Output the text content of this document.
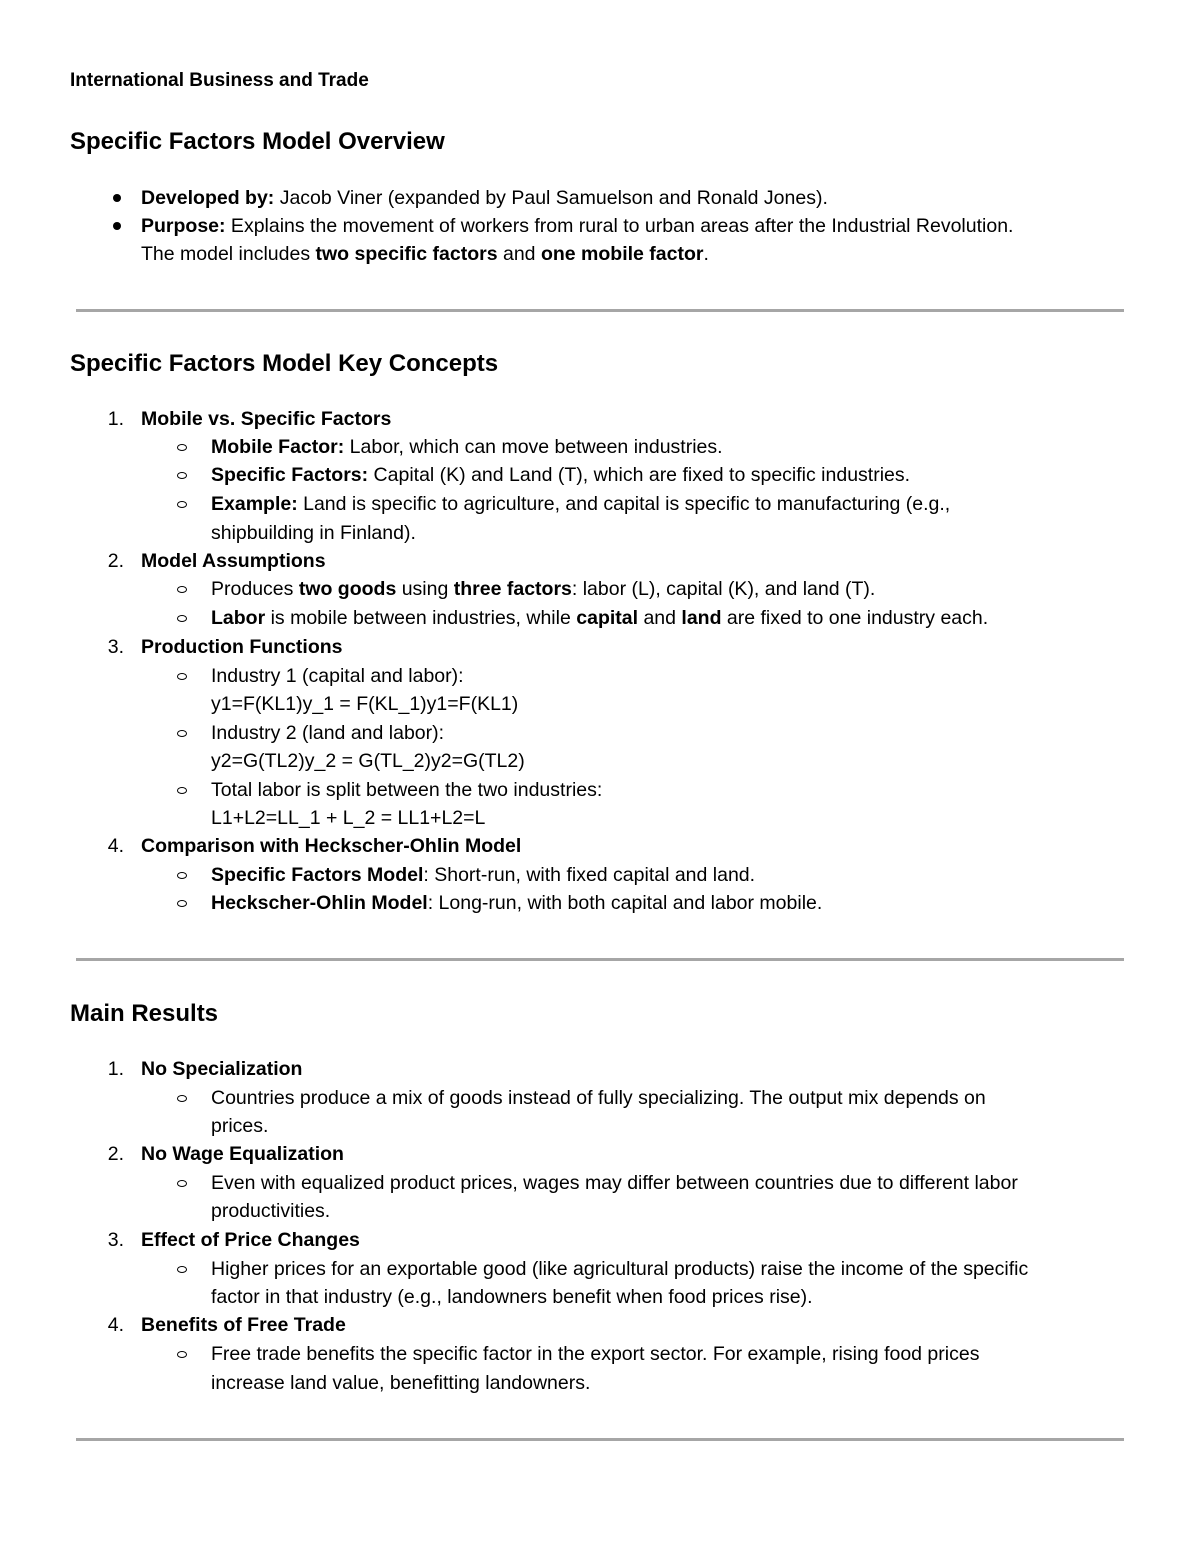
International Business and Trade
Specific Factors Model Overview

Developed by: Jacob Viner (expanded by Paul Samuelson and Ronald Jones).

Purpose: Explains the movement of workers from rural to urban areas after the Industrial Revolution.

The model includes two specific factors and one mobile factor.

Specific Factors Model Key Concepts
1. Mobile vs. Specific Factors

Mobile Factor: Labor, which can move between industries.

Specific Factors: Capital (K) and Land (T), which are fixed to specific industries.

Example: Land is specific to agriculture, and capital is specific to manufacturing (e.g.,

shipbuilding in Finland).

2. Model Assumptions

Produces two goods using three factors: labor (L), capital (K), and land (T).

Labor is mobile between industries, while capital and land are fixed to one industry each.

3. Production Functions

Industry 1 (capital and labor):

y1=F(KL1)y_1 = F(KL_1)y1=F(KL1)

Industry 2 (land and labor):

y2=G(TL2)y_2 = G(TL_2)y2=G(TL2)

Total labor is split between the two industries:

L1+L2=LL_1 + L_2 = LL1+L2=L

4. Comparison with Heckscher-Ohlin Model

Specific Factors Model: Short-run, with fixed capital and land.

Heckscher-Ohlin Model: Long-run, with both capital and labor mobile.

Main Results
1. No Specialization

Countries produce a mix of goods instead of fully specializing. The output mix depends on

prices.

2. No Wage Equalization

Even with equalized product prices, wages may differ between countries due to different labor

productivities.

3. Effect of Price Changes

Higher prices for an exportable good (like agricultural products) raise the income of the specific

factor in that industry (e.g., landowners benefit when food prices rise).

4. Benefits of Free Trade

Free trade benefits the specific factor in the export sector. For example, rising food prices

increase land value, benefitting landowners.
